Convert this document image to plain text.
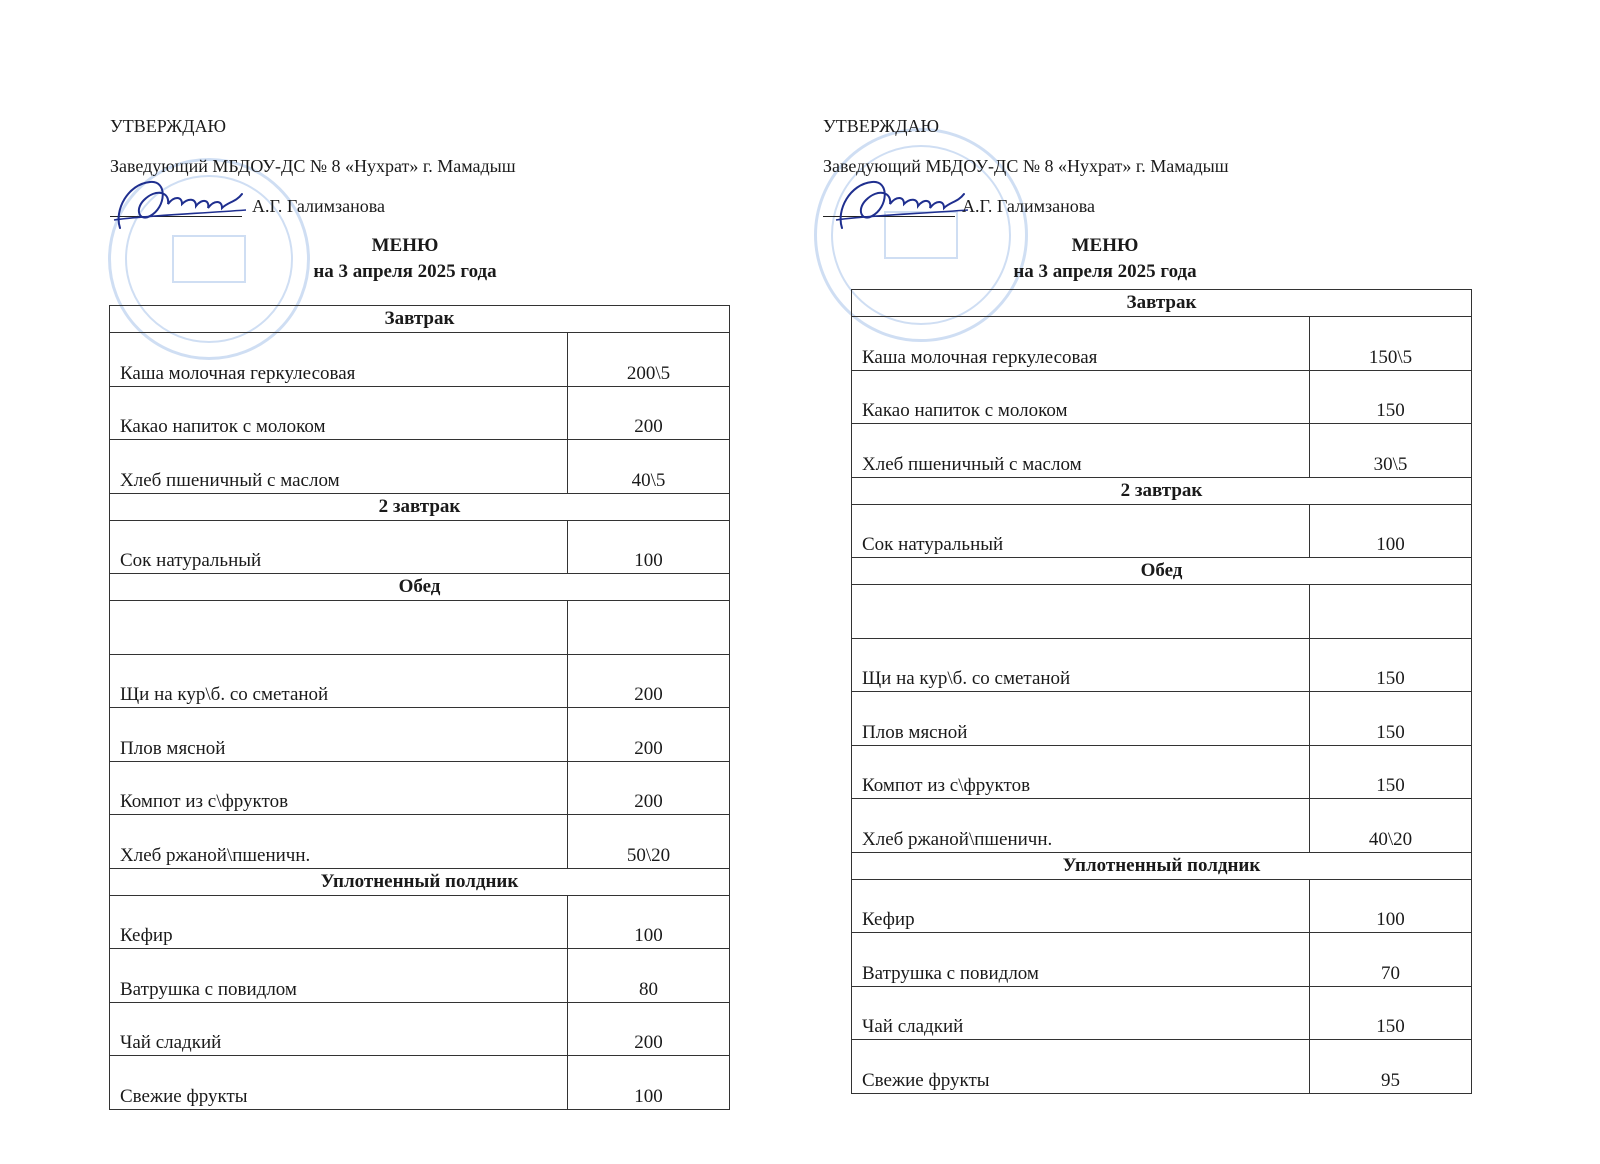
УТВЕРЖДАЮ
Заведующий МБДОУ-ДС № 8 «Нухрат» г. Мамадыш
А.Г. Галимзанова
МЕНЮ
на 3 апреля 2025 года
Завтрак	
Каша молочная геркулесовая	200\5
Какао напиток с молоком	200
Хлеб пшеничный с маслом	40\5
2 завтрак	
Сок натуральный	100
Обед	

Щи на кур\б. со сметаной	200
Плов мясной	200
Компот из с\фруктов	200
Хлеб ржаной\пшеничн.	50\20
Уплотненный полдник	
Кефир	100
Ватрушка с повидлом	80
Чай сладкий	200
Свежие фрукты	100
УТВЕРЖДАЮ
Заведующий МБДОУ-ДС № 8 «Нухрат» г. Мамадыш
А.Г. Галимзанова
МЕНЮ
на 3 апреля 2025 года
Завтрак	
Каша молочная геркулесовая	150\5
Какао напиток с молоком	150
Хлеб пшеничный с маслом	30\5
2 завтрак	
Сок натуральный	100
Обед	

Щи на кур\б. со сметаной	150
Плов мясной	150
Компот из с\фруктов	150
Хлеб ржаной\пшеничн.	40\20
Уплотненный полдник	
Кефир	100
Ватрушка с повидлом	70
Чай сладкий	150
Свежие фрукты	95
